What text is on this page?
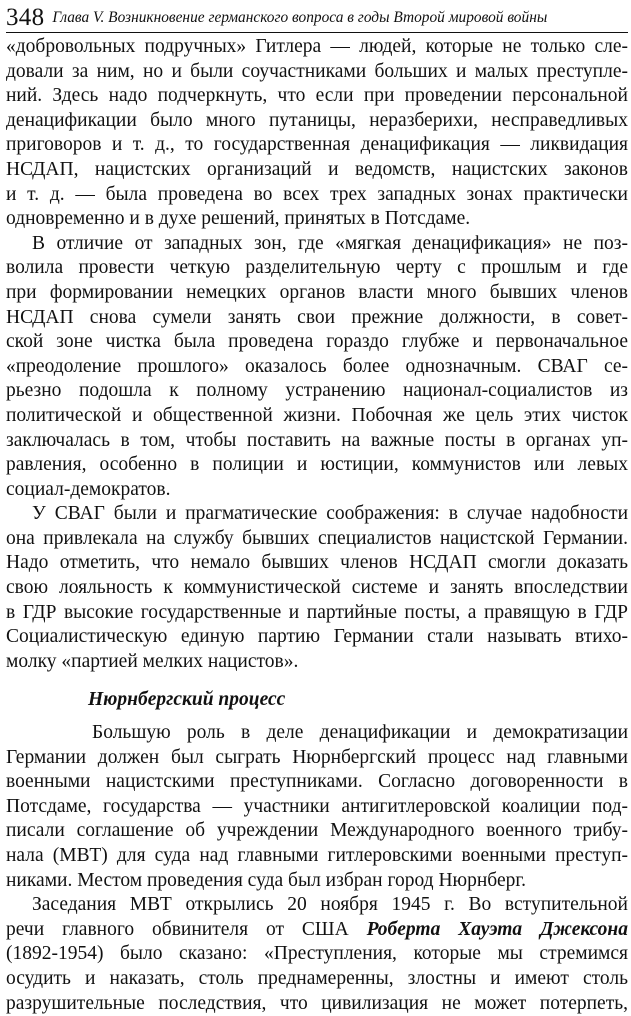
348 Глава V. Возникновение германского вопроса в годы Второй мировой войны
«добровольных подручных» Гитлера — людей, которые не только сле-
довали за ним, но и были соучастниками больших и малых преступле-
ний. Здесь надо подчеркнуть, что если при проведении персональной
денацификации было много путаницы, неразберихи, несправедливых
приговоров и т. д., то государственная денацификация — ликвидация
НСДАП, нацистских организаций и ведомств, нацистских законов
и т. д. — была проведена во всех трех западных зонах практически
одновременно и в духе решений, принятых в Потсдаме.
В отличие от западных зон, где «мягкая денацификация» не поз-
волила провести четкую разделительную черту с прошлым и где
при формировании немецких органов власти много бывших членов
НСДАП снова сумели занять свои прежние должности, в совет-
ской зоне чистка была проведена гораздо глубже и первоначальное
«преодоление прошлого» оказалось более однозначным. СВАГ се-
рьезно подошла к полному устранению национал-социалистов из
политической и общественной жизни. Побочная же цель этих чисток
заключалась в том, чтобы поставить на важные посты в органах уп-
равления, особенно в полиции и юстиции, коммунистов или левых
социал-демократов.
У СВАГ были и прагматические соображения: в случае надобности
она привлекала на службу бывших специалистов нацистской Германии.
Надо отметить, что немало бывших членов НСДАП смогли доказать
свою лояльность к коммунистической системе и занять впоследствии
в ГДР высокие государственные и партийные посты, а правящую в ГДР
Социалистическую единую партию Германии стали называть втихо-
молку «партией мелких нацистов».
Нюрнбергский процесс
Большую роль в деле денацификации и демократизации
Германии должен был сыграть Нюрнбергский процесс над главными
военными нацистскими преступниками. Согласно договоренности в
Потсдаме, государства — участники антигитлеровской коалиции под-
писали соглашение об учреждении Международного военного трибу-
нала (МВТ) для суда над главными гитлеровскими военными преступ-
никами. Местом проведения суда был избран город Нюрнберг.
Заседания МВТ открылись 20 ноября 1945 г. Во вступительной
речи главного обвинителя от США Роберта Хауэта Джексона
(1892-1954) было сказано: «Преступления, которые мы стремимся
осудить и наказать, столь преднамеренны, злостны и имеют столь
разрушительные последствия, что цивилизация не может потерпеть,
